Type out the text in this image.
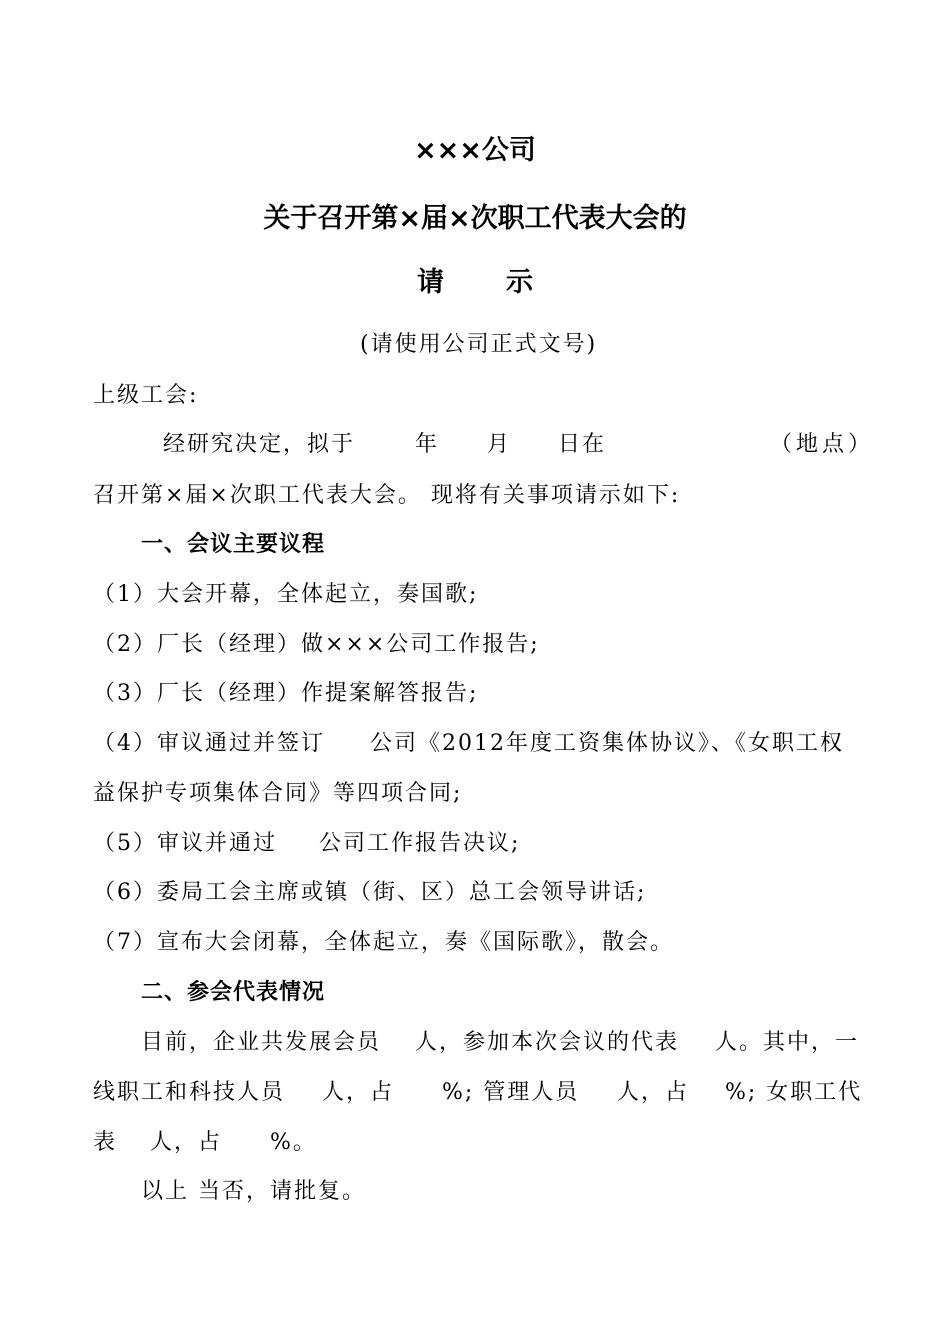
×××公司
关于召开第×届×次职工代表大会的
请 示
(请使用公司正式文号)
上级工会:
经研究决定，拟于	年 月 日在	（地点）
召开第×届×次职工代表大会。 现将有关事项请示如下:
一、会议主要议程
（1）大会开幕，全体起立，奏国歌;
（2）厂长（经理）做×××公司工作报告;
（3）厂长（经理）作提案解答报告;
（4）审议通过并签订 公司《2012年度工资集体协议》、《女职工权
益保护专项集体合同》等四项合同;
（5）审议并通过 公司工作报告决议;
（6）委局工会主席或镇（街、区）总工会领导讲话;
（7）宣布大会闭幕，全体起立，奏《国际歌》，散会。
二、参会代表情况
目前，企业共发展会员 人，参加本次会议的代表 人。其中，一
线职工和科技人员 人，占 %; 管理人员 人，占 %; 女职工代
表 人，占 %。
以上 当否，请批复。
